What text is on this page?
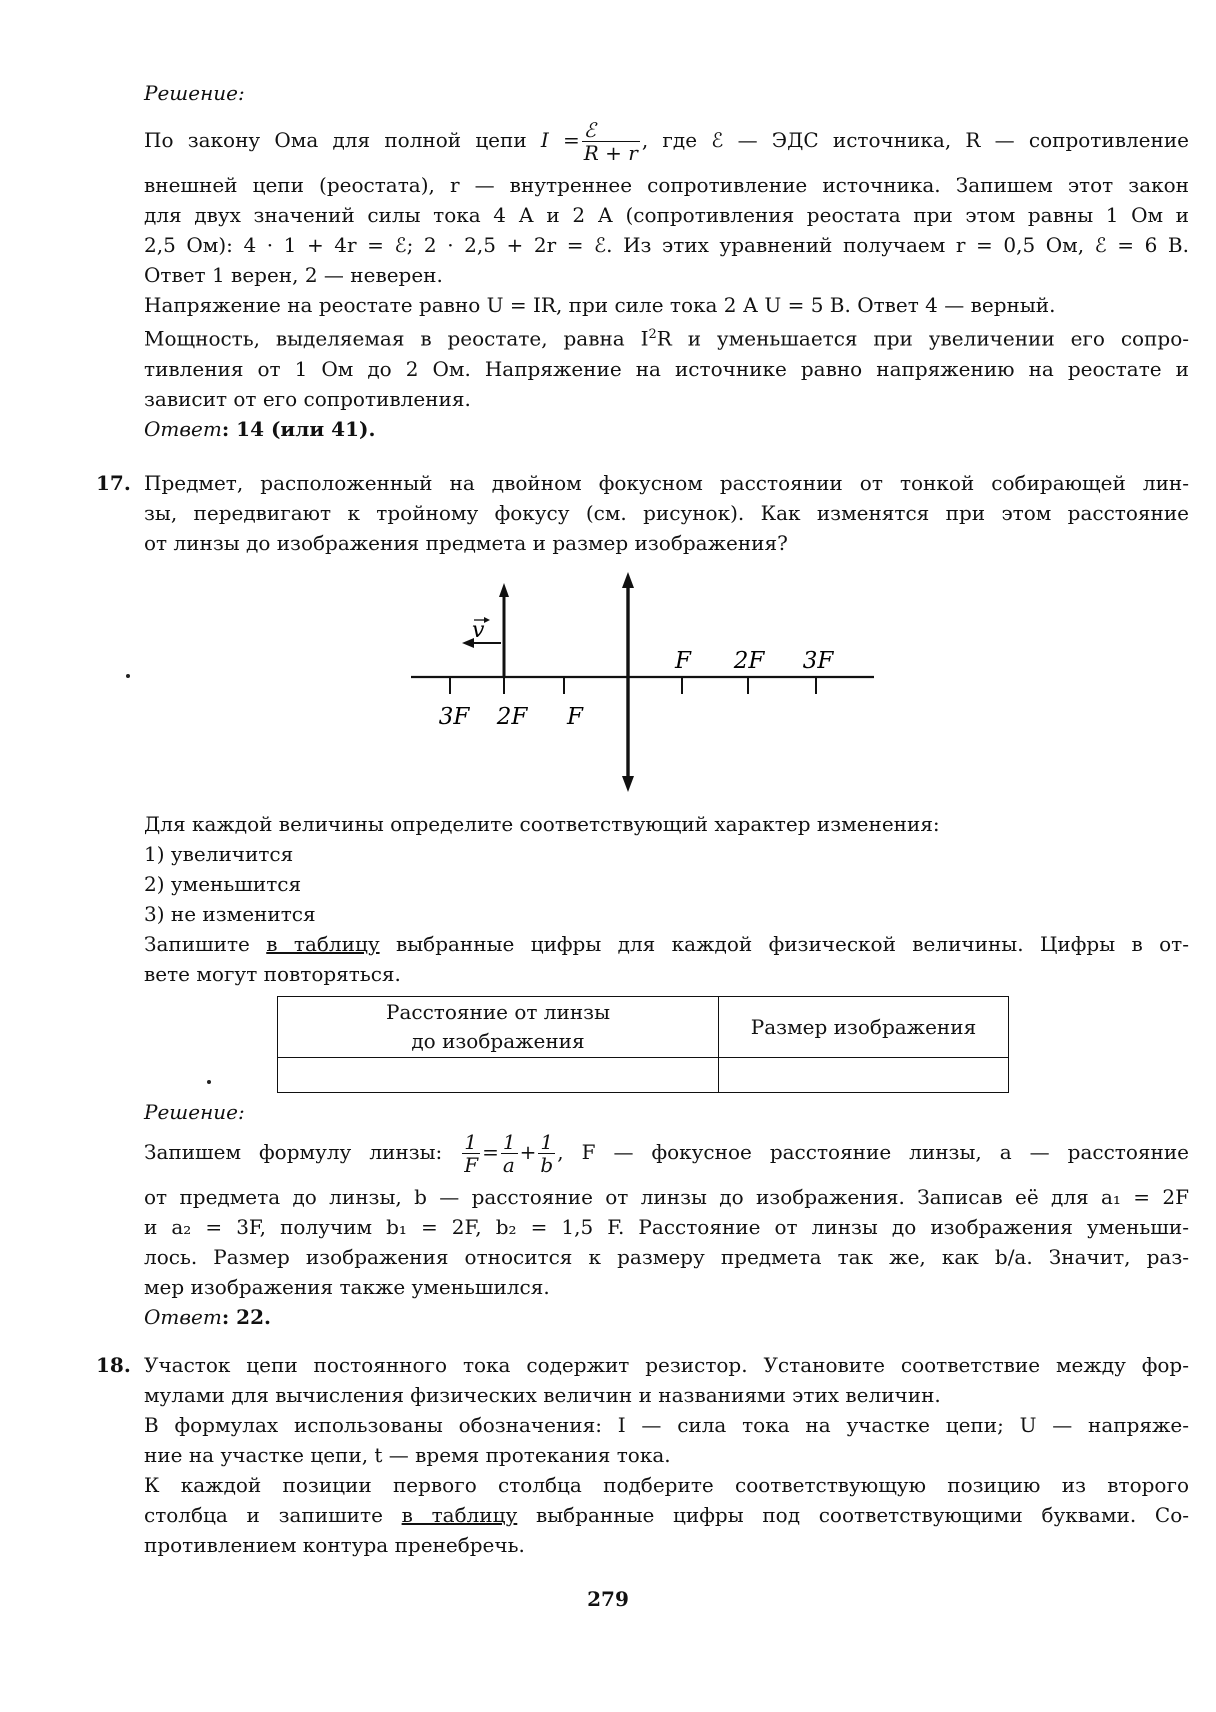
Решение:
По закону Ома для полной цепи $I = \frac{\text{ℰ}}{R + r}$ , где ℰ — ЭДС источника, R — сопротивление
внешней цепи (реостата), r — внутреннее сопротивление источника. Запишем этот закон
для двух значений силы тока 4 А и 2 А (сопротивления реостата при этом равны 1 Ом и
2,5 Ом): 4 · 1 + 4r = ℰ; 2 · 2,5 + 2r = ℰ. Из этих уравнений получаем r = 0,5 Ом, ℰ = 6 В.
Ответ 1 верен, 2 — неверен.
Напряжение на реостате равно U = IR, при силе тока 2 А U = 5 В. Ответ 4 — верный.
Мощность, выделяемая в реостате, равна $I^2R$ и уменьшается при увеличении его сопро-
тивления от 1 Ом до 2 Ом. Напряжение на источнике равно напряжению на реостате и
зависит от его сопротивления.
Ответ: 14 (или 41).
17. Предмет, расположенный на двойном фокусном расстоянии от тонкой собирающей лин-
зы, передвигают к тройному фокусу (см. рисунок). Как изменятся при этом расстояние
от линзы до изображения предмета и размер изображения?
v
F 2F 3F
3F 2F F
Для каждой величины определите соответствующий характер изменения:
1) увеличится
2) уменьшится
3) не изменится
Запишите в таблицу выбранные цифры для каждой физической величины. Цифры в от-
вете могут повторяться.
Расстояние от линзы
до изображения	Размер изображения

Решение:
Запишем формулу линзы: $\frac{1}{F} = \frac{1}{a} + \frac{1}{b}$ , F — фокусное расстояние линзы, a — расстояние
от предмета до линзы, b — расстояние от линзы до изображения. Записав её для a₁ = 2F
и a₂ = 3F, получим b₁ = 2F, b₂ = 1,5 F. Расстояние от линзы до изображения уменьши-
лось. Размер изображения относится к размеру предмета так же, как b/a. Значит, раз-
мер изображения также уменьшился.
Ответ: 22.
18. Участок цепи постоянного тока содержит резистор. Установите соответствие между фор-
мулами для вычисления физических величин и названиями этих величин.
В формулах использованы обозначения: I — сила тока на участке цепи; U — напряже-
ние на участке цепи, t — время протекания тока.
К каждой позиции первого столбца подберите соответствующую позицию из второго
столбца и запишите в таблицу выбранные цифры под соответствующими буквами. Со-
противлением контура пренебречь.
279
